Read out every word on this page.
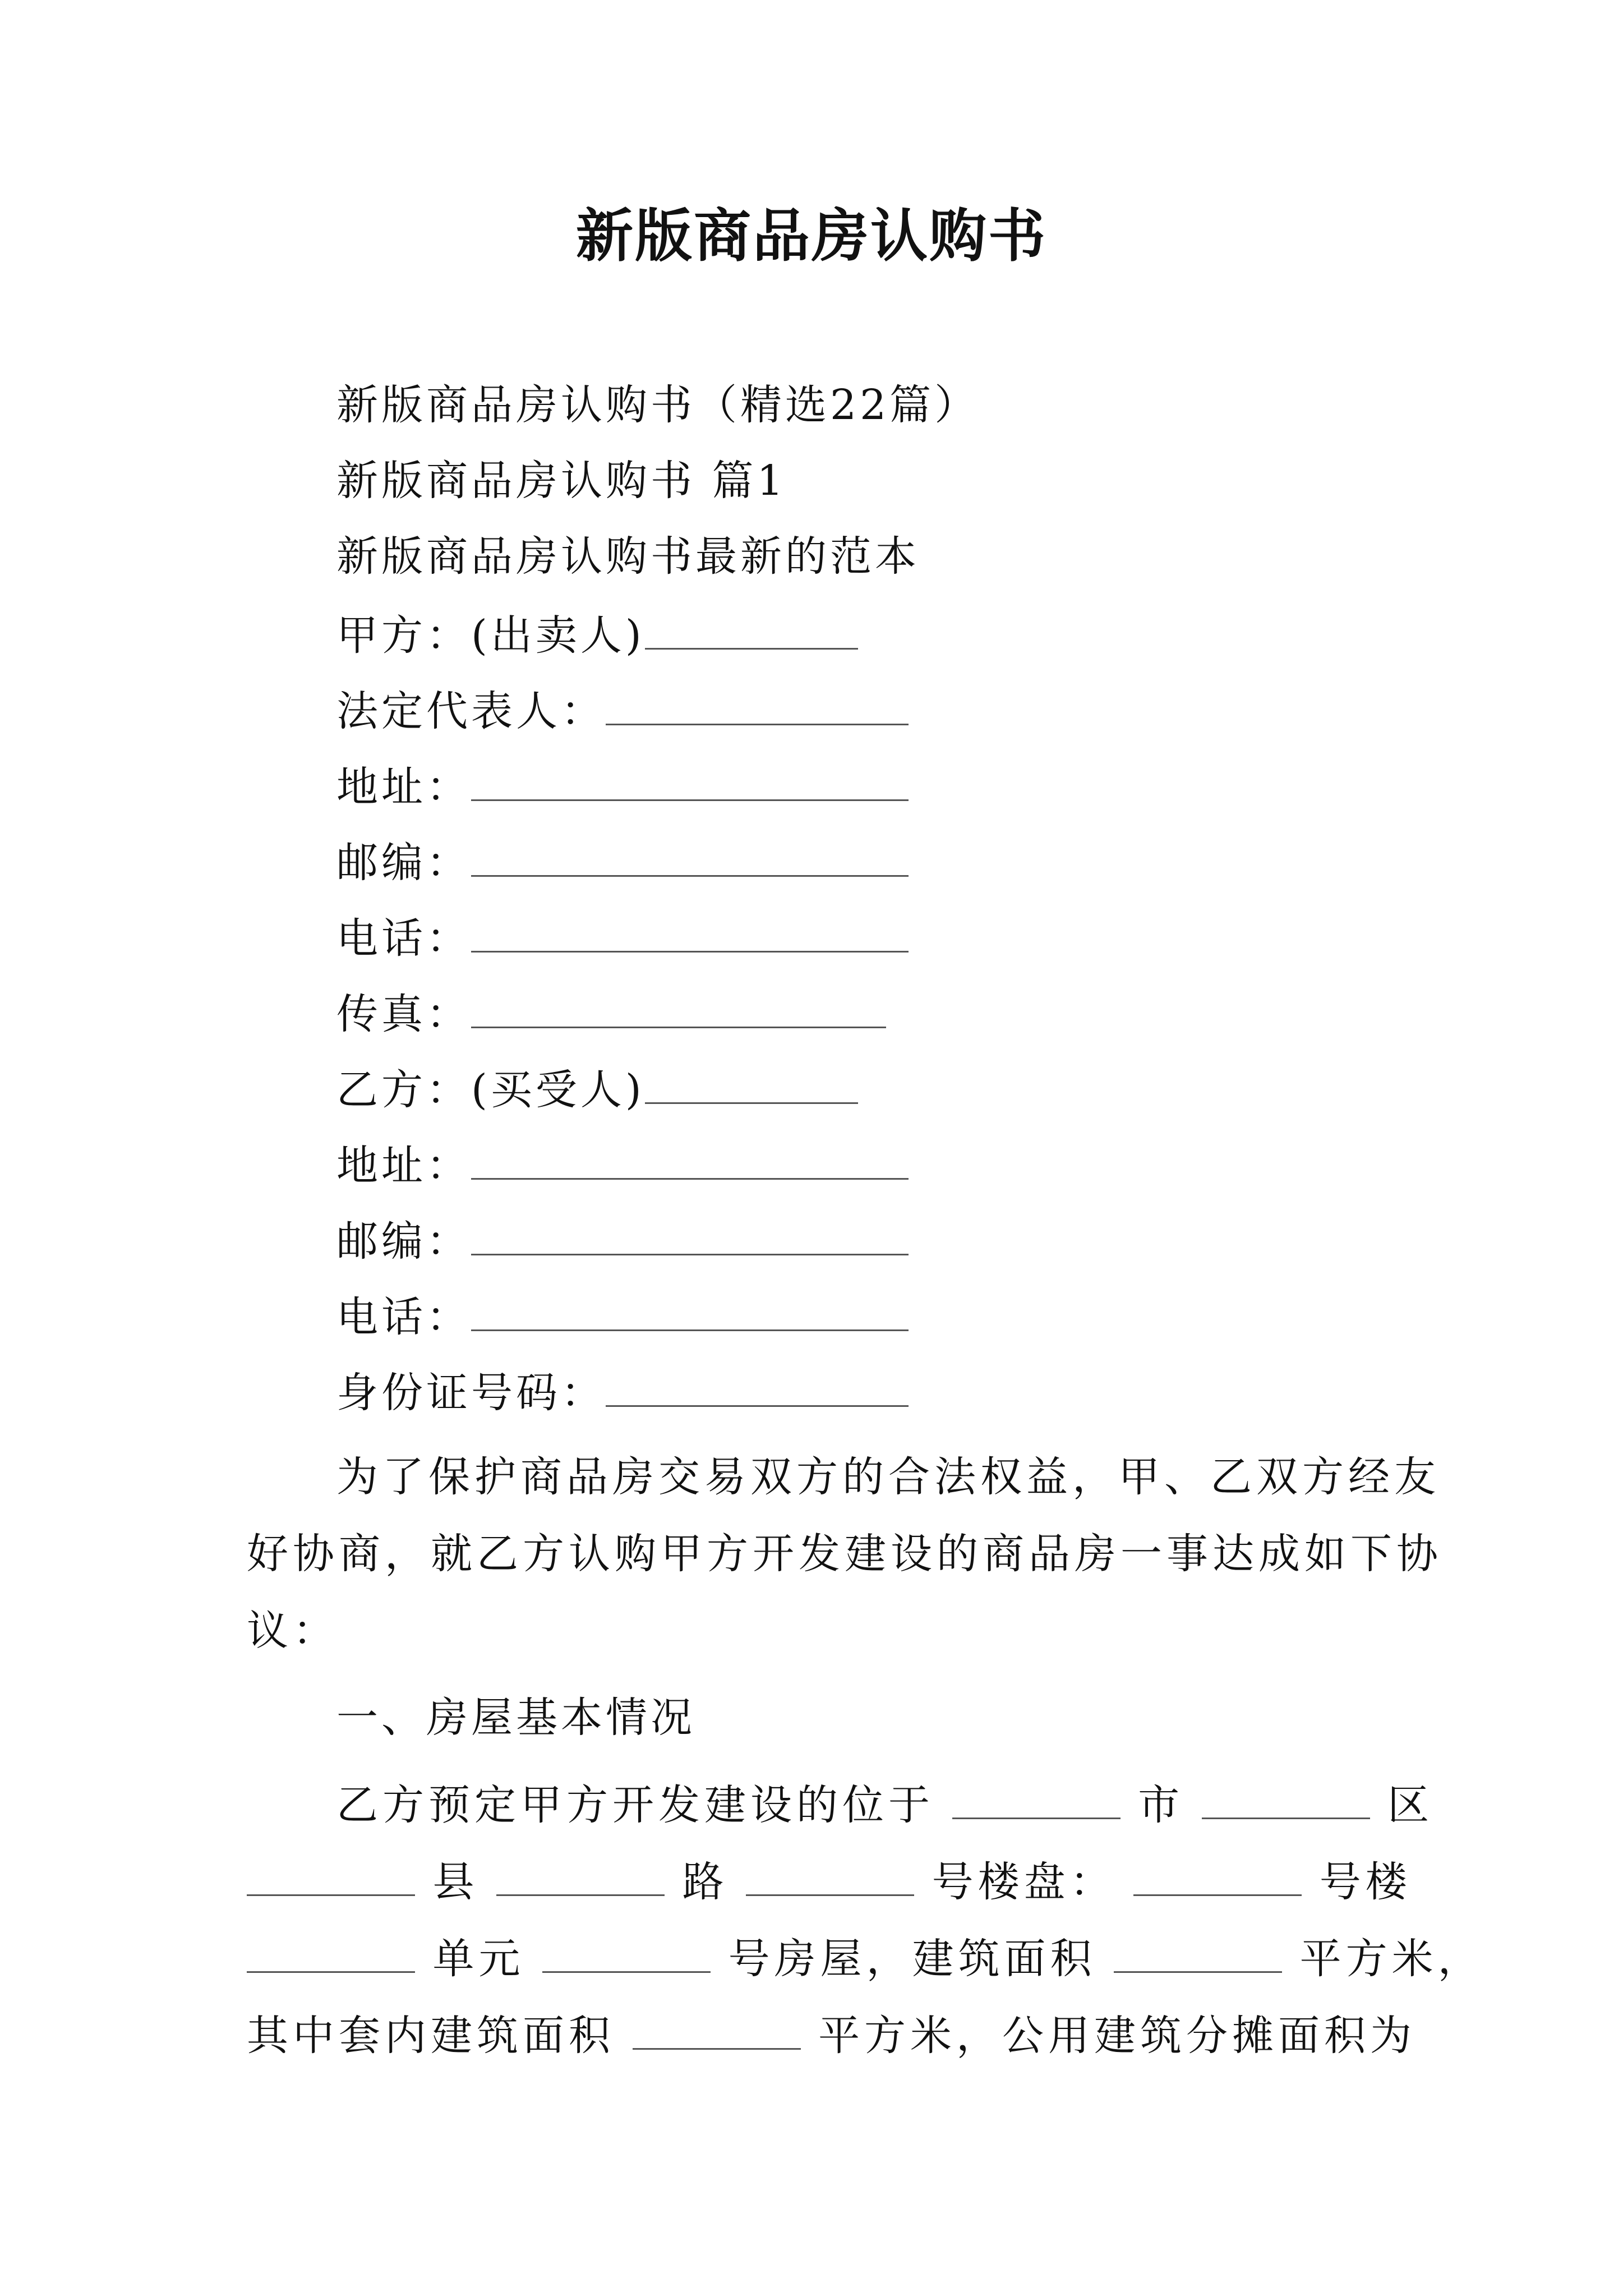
新版商品房认购书
新版商品房认购书（精选22篇）
新版商品房认购书 篇1
新版商品房认购书最新的范本
甲方：(出卖人)
法定代表人：
地址：
邮编：
电话：
传真：
乙方：(买受人)
地址：
邮编：
电话：
身份证号码：
为了保护商品房交易双方的合法权益，甲、乙双方经友
好协商，就乙方认购甲方开发建设的商品房一事达成如下协
议：
一、房屋基本情况
乙方预定甲方开发建设的位于	市	区
县	路	号楼盘：	号楼
单元	号房屋，建筑面积	平方米，
其中套内建筑面积	平方米，公用建筑分摊面积为
